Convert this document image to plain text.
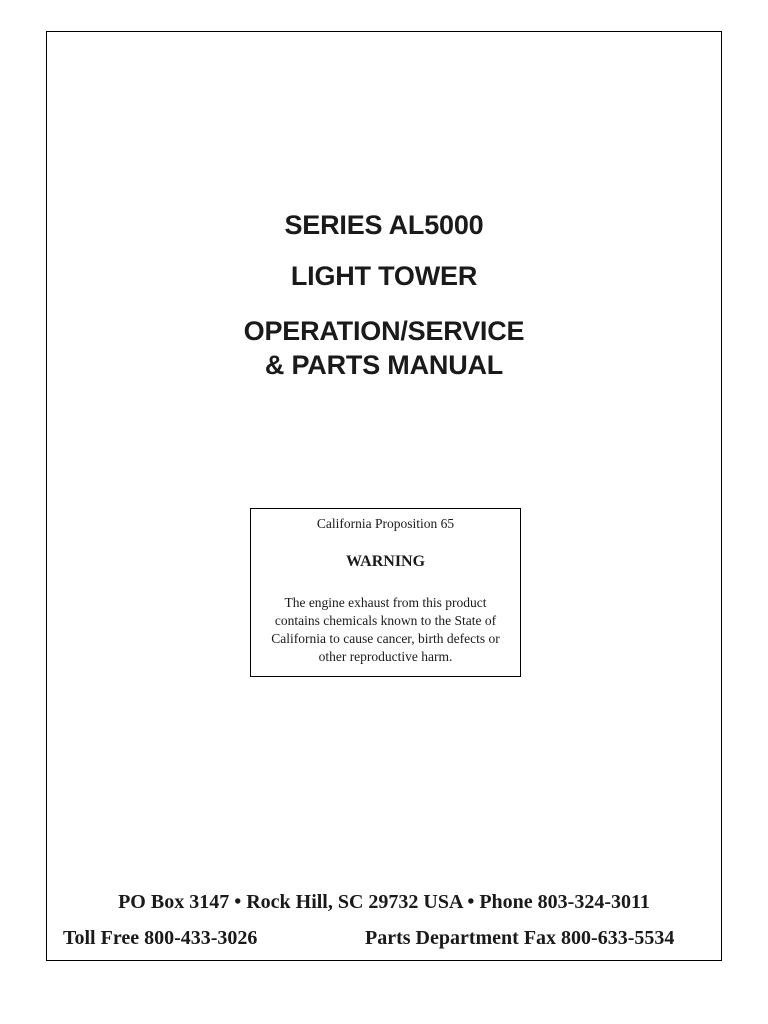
SERIES AL5000
LIGHT TOWER
OPERATION/SERVICE
& PARTS MANUAL
California Proposition 65
WARNING
The engine exhaust from this product
contains chemicals known to the State of
California to cause cancer, birth defects or
other reproductive harm.
PO Box 3147 • Rock Hill, SC 29732 USA • Phone 803-324-3011
Toll Free 800-433-3026	Parts Department Fax 800-633-5534
